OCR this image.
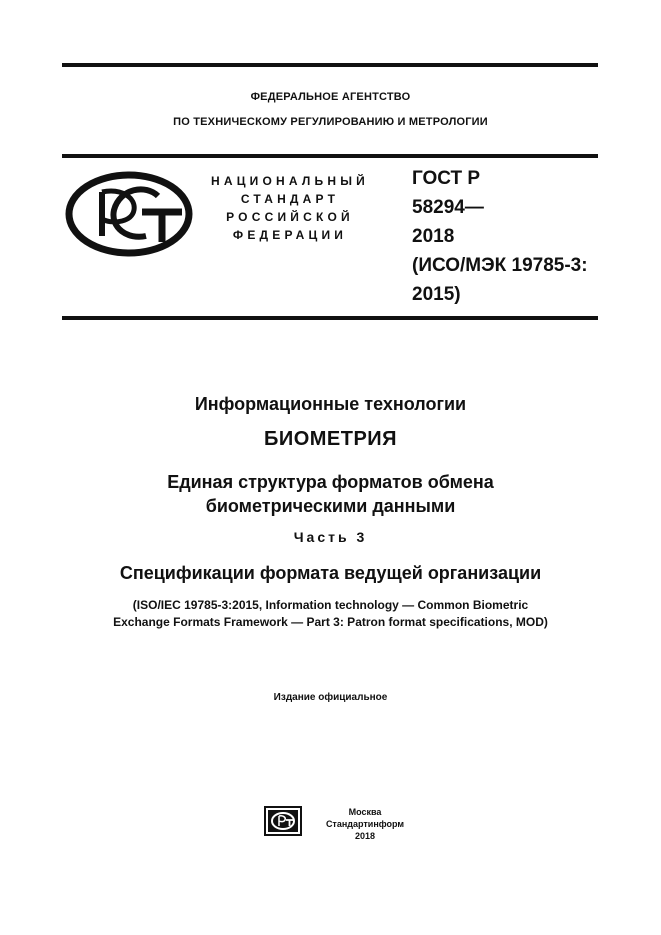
ФЕДЕРАЛЬНОЕ АГЕНТСТВО
ПО ТЕХНИЧЕСКОМУ РЕГУЛИРОВАНИЮ И МЕТРОЛОГИИ
НАЦИОНАЛЬНЫЙ
СТАНДАРТ
РОССИЙСКОЙ
ФЕДЕРАЦИИ
ГОСТ Р
58294—
2018
(ИСО/МЭК 19785-3:
2015)
Информационные технологии
БИОМЕТРИЯ
Единая структура форматов обмена
биометрическими данными
Часть 3
Спецификации формата ведущей организации
(ISO/IEC 19785-3:2015, Information technology — Common Biometric
Exchange Formats Framework — Part 3: Patron format specifications, MOD)
Издание официальное
Москва
Стандартинформ
2018
